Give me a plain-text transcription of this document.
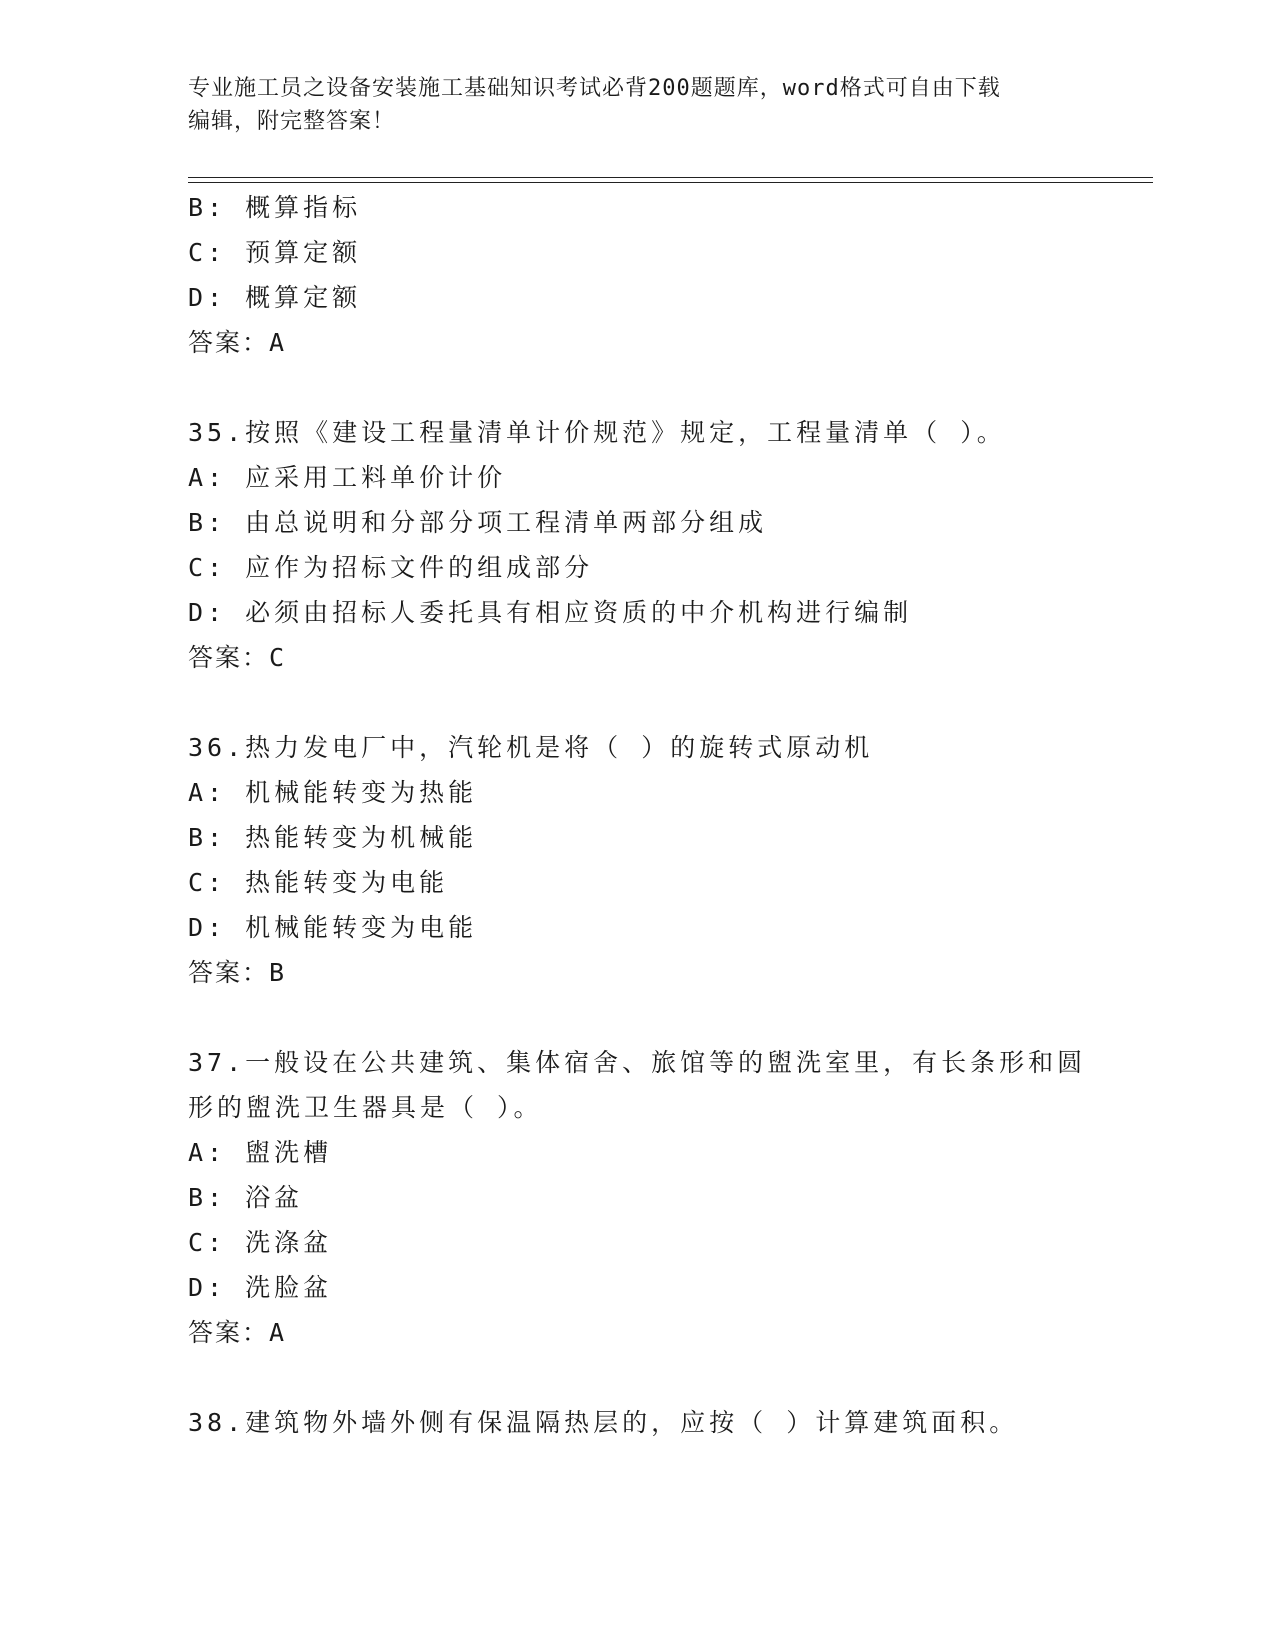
专业施工员之设备安装施工基础知识考试必背200题题库，word格式可自由下载
编辑，附完整答案！
B: 概算指标
C: 预算定额
D: 概算定额
答案：A
35.按照《建设工程量清单计价规范》规定，工程量清单（ ）。
A: 应采用工料单价计价
B: 由总说明和分部分项工程清单两部分组成
C: 应作为招标文件的组成部分
D: 必须由招标人委托具有相应资质的中介机构进行编制
答案：C
36.热力发电厂中，汽轮机是将（ ）的旋转式原动机
A: 机械能转变为热能
B: 热能转变为机械能
C: 热能转变为电能
D: 机械能转变为电能
答案：B
37.一般设在公共建筑、集体宿舍、旅馆等的盥洗室里，有长条形和圆
形的盥洗卫生器具是（ ）。
A: 盥洗槽
B: 浴盆
C: 洗涤盆
D: 洗脸盆
答案：A
38.建筑物外墙外侧有保温隔热层的，应按（ ）计算建筑面积。
